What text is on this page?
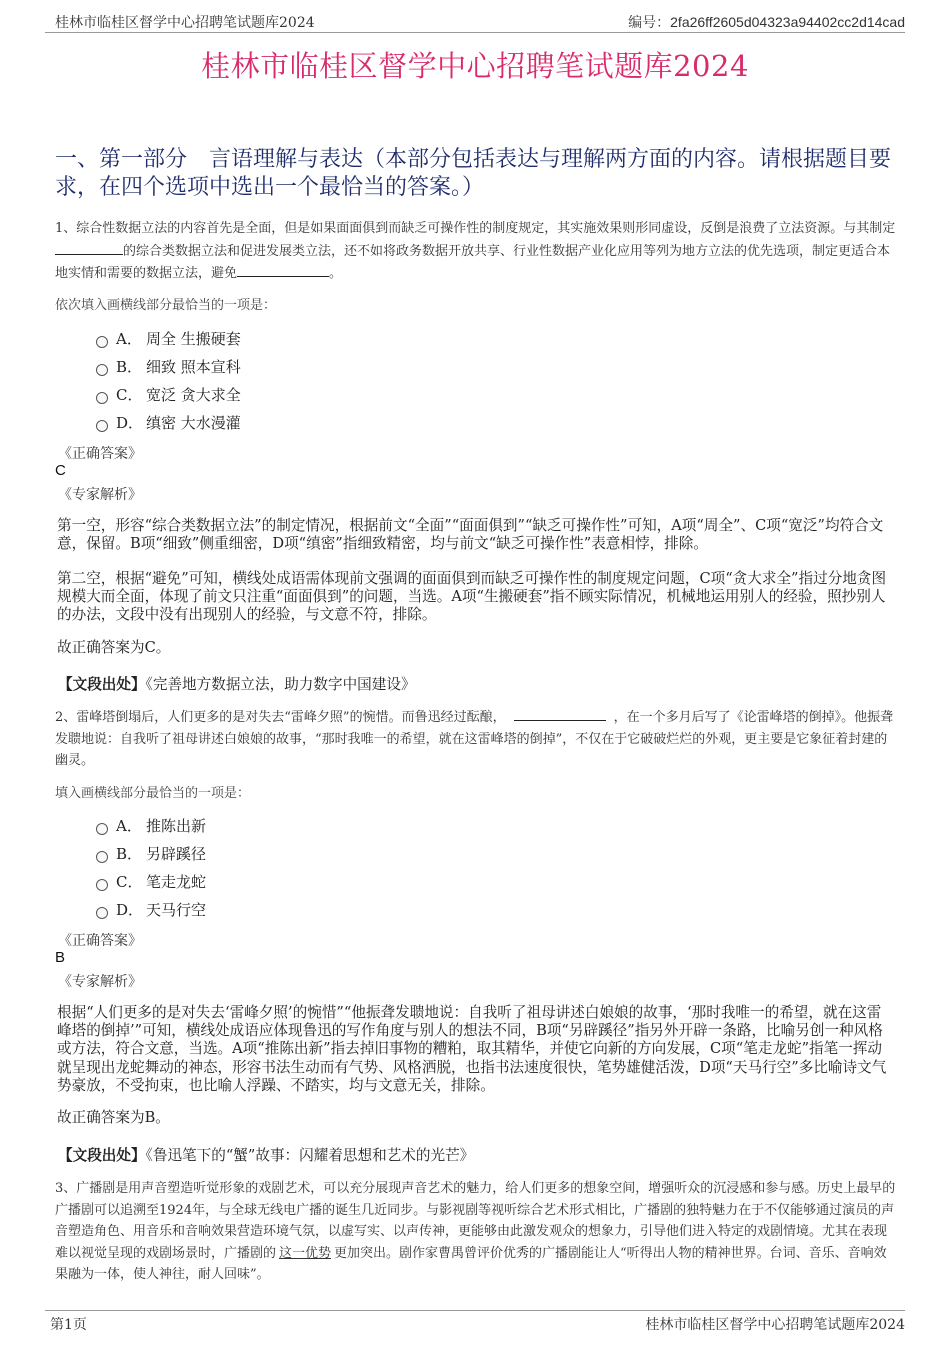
桂林市临桂区督学中心招聘笔试题库2024	编号：2fa26ff2605d04323a94402cc2d14cad
桂林市临桂区督学中心招聘笔试题库2024
一、第一部分　言语理解与表达（本部分包括表达与理解两方面的内容。请根据题目要求，在四个选项中选出一个最恰当的答案。）
1、综合性数据立法的内容首先是全面，但是如果面面俱到而缺乏可操作性的制度规定，其实施效果则形同虚设，反倒是浪费了立法资源。与其制定的综合类数据立法和促进发展类立法，还不如将政务数据开放共享、行业性数据产业化应用等列为地方立法的优先选项，制定更适合本地实情和需要的数据立法，避免	。
依次填入画横线部分最恰当的一项是：
A． 周全 生搬硬套
B． 细致 照本宣科
C． 宽泛 贪大求全
D． 缜密 大水漫灌
《正确答案》
C
《专家解析》
第一空，形容“综合类数据立法”的制定情况，根据前文“全面”“面面俱到”“缺乏可操作性”可知，A项“周全”、C项“宽泛”均符合文意，保留。B项“细致”侧重细密，D项“缜密”指细致精密，均与前文“缺乏可操作性”表意相悖，排除。
第二空，根据“避免”可知，横线处成语需体现前文强调的面面俱到而缺乏可操作性的制度规定问题，C项“贪大求全”指过分地贪图规模大而全面，体现了前文只注重“面面俱到”的问题，当选。A项“生搬硬套”指不顾实际情况，机械地运用别人的经验，照抄别人的办法，文段中没有出现别人的经验，与文意不符，排除。
故正确答案为C。
【文段出处】《完善地方数据立法，助力数字中国建设》
2、雷峰塔倒塌后，人们更多的是对失去“雷峰夕照”的惋惜。而鲁迅经过酝酿，	，在一个多月后写了《论雷峰塔的倒掉》。他振聋发聩地说：自我听了祖母讲述白娘娘的故事，“那时我唯一的希望，就在这雷峰塔的倒掉”，不仅在于它破破烂烂的外观，更主要是它象征着封建的幽灵。
填入画横线部分最恰当的一项是：
A． 推陈出新
B． 另辟蹊径
C． 笔走龙蛇
D． 天马行空
《正确答案》
B
《专家解析》
根据“人们更多的是对失去‘雷峰夕照’的惋惜”“他振聋发聩地说：自我听了祖母讲述白娘娘的故事，‘那时我唯一的希望，就在这雷峰塔的倒掉’”可知，横线处成语应体现鲁迅的写作角度与别人的想法不同，B项“另辟蹊径”指另外开辟一条路，比喻另创一种风格或方法，符合文意，当选。A项“推陈出新”指去掉旧事物的糟粕，取其精华，并使它向新的方向发展，C项“笔走龙蛇”指笔一挥动就呈现出龙蛇舞动的神态，形容书法生动而有气势、风格洒脱，也指书法速度很快，笔势雄健活泼，D项“天马行空”多比喻诗文气势豪放，不受拘束，也比喻人浮躁、不踏实，均与文意无关，排除。
故正确答案为B。
【文段出处】《鲁迅笔下的“蟹”故事：闪耀着思想和艺术的光芒》
3、广播剧是用声音塑造听觉形象的戏剧艺术，可以充分展现声音艺术的魅力，给人们更多的想象空间，增强听众的沉浸感和参与感。历史上最早的广播剧可以追溯至1924年，与全球无线电广播的诞生几近同步。与影视剧等视听综合艺术形式相比，广播剧的独特魅力在于不仅能够通过演员的声音塑造角色、用音乐和音响效果营造环境气氛，以虚写实、以声传神，更能够由此激发观众的想象力，引导他们进入特定的戏剧情境。尤其在表现难以视觉呈现的戏剧场景时，广播剧的 这一优势 更加突出。剧作家曹禺曾评价优秀的广播剧能让人“听得出人物的精神世界。台词、音乐、音响效果融为一体，使人神往，耐人回味”。
第1页	桂林市临桂区督学中心招聘笔试题库2024
